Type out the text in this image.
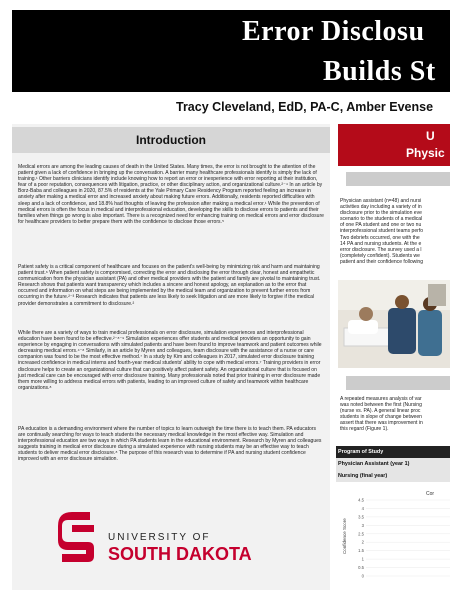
Error Disclosu
Builds St
Tracy Cleveland, EdD, PA-C, Amber Evense
Introduction
Medical errors are among the leading causes of death in the United States. Many times, the error is not brought to the attention of the patient given a lack of confidence in bringing up the conversation. A barrier many healthcare professionals identify is simply the lack of training.¹ Other barriers clinicians identify include knowing how to report an error or inexperience with error reporting at their institution, fear of a poor reputation, consequences with litigation, practice, or other disciplinary action, and organizational culture.²⁻⁴ In an article by Borz-Baba and colleagues in 2020, 87.5% of residents at the Yale Primary Care Residency Program reported feeling an increase in anxiety after making a medical error and increased anxiety about making future errors. Additionally, residents reported difficulties with sleep and a lack of confidence, and 18.8% had thoughts of leaving the profession after making a medical error.¹ While the prevention of medical errors is often the focus in medical and interprofessional education, developing the skills to disclose errors to patients and their families when things go wrong is also important. There is a recognized need for enhancing training on medical errors and error disclosure for healthcare providers to better prepare them with the confidence to disclose those errors.⁵
Patient safety is a critical component of healthcare and focuses on the patient's well-being by minimizing risk and harm and maintaining patient trust.⁶ When patient safety is compromised, correcting the error and disclosing the error through clear, honest and empathetic communication from the physician assistant (PA) and other medical providers with the patient and family are pivotal to maintaining trust. Research shows that patients want transparency which includes a sincere and honest apology, an explanation as to the error that occurred and information on what steps are being implemented by the medical team and organization to prevent further errors from occurring in the future.²⁻³ Research indicates that patients are less likely to seek litigation and are more likely to forgive if the medical provider demonstrates a commitment to disclosure.²
While there are a variety of ways to train medical professionals on error disclosure, simulation experiences and interprofessional education have been found to be effective.²⁻⁸⁻⁹ Simulation experiences offer students and medical providers an opportunity to gain experience by engaging in conversations with simulated patients and have been found to improve teamwork and patient outcomes while decreasing medical errors.⁴⁻⁸ Similarly, in an article by Myren and colleagues, team disclosure with the assistance of a nurse or care companion was found to be the most effective method.⁷ In a study by Kim and colleagues in 2017, simulated error disclosure training increased confidence in medical interns and fourth-year medical students' ability to cope with medical errors.⁷ Training providers in error disclosure helps to create an organizational culture that can positively affect patient safety. An organizational culture that is focused on just medical care can be encouraged with error disclosure training. Many professionals noted that prior training in error disclosure made them more willing to address medical errors with patients, leading to an improved culture of safety and teamwork within healthcare organizations.⁸
PA education is a demanding environment where the number of topics to learn outweigh the time there is to teach them. PA educators are continually searching for ways to teach students the necessary medical knowledge in the most effective way. Simulation and interprofessional education are two ways in which PA students learn in the educational environment. Research by Myren and colleagues suggests training in medical error disclosure during a simulated experience with nursing students may be an effective way to teach students to deliver medical error disclosure.⁸ The purpose of this research was to determine if PA and nursing student confidence improved with an error disclosure simulation.
UNIVERSITY OF
SOUTH DAKOTA
U
Physic
Physician assistant (n=48) and nursi
activities day including a variety of in
disclosure prior to the simulation eve
scenario to the students of a medical
of one PA student and one or two nu
interprofessional student teams perfo
Two debriefs occurred, one with the
14 PA and nursing students. At the e
error disclosure. The survey used a l
(completely confident). Students we
patient and their confidence following
A repeated measures analysis of var
was noted between the first (Nursing
(nurse vs. PA). A general linear proc
students in slope of change between
assert that there was improvement in
this regard (Figure 1).
Program of Study
Physician Assistant (year 1)
Nursing (final year)
Cor
Confidence Score
4.5
4
3.5
3
2.5
2
1.5
1
0.5
0
